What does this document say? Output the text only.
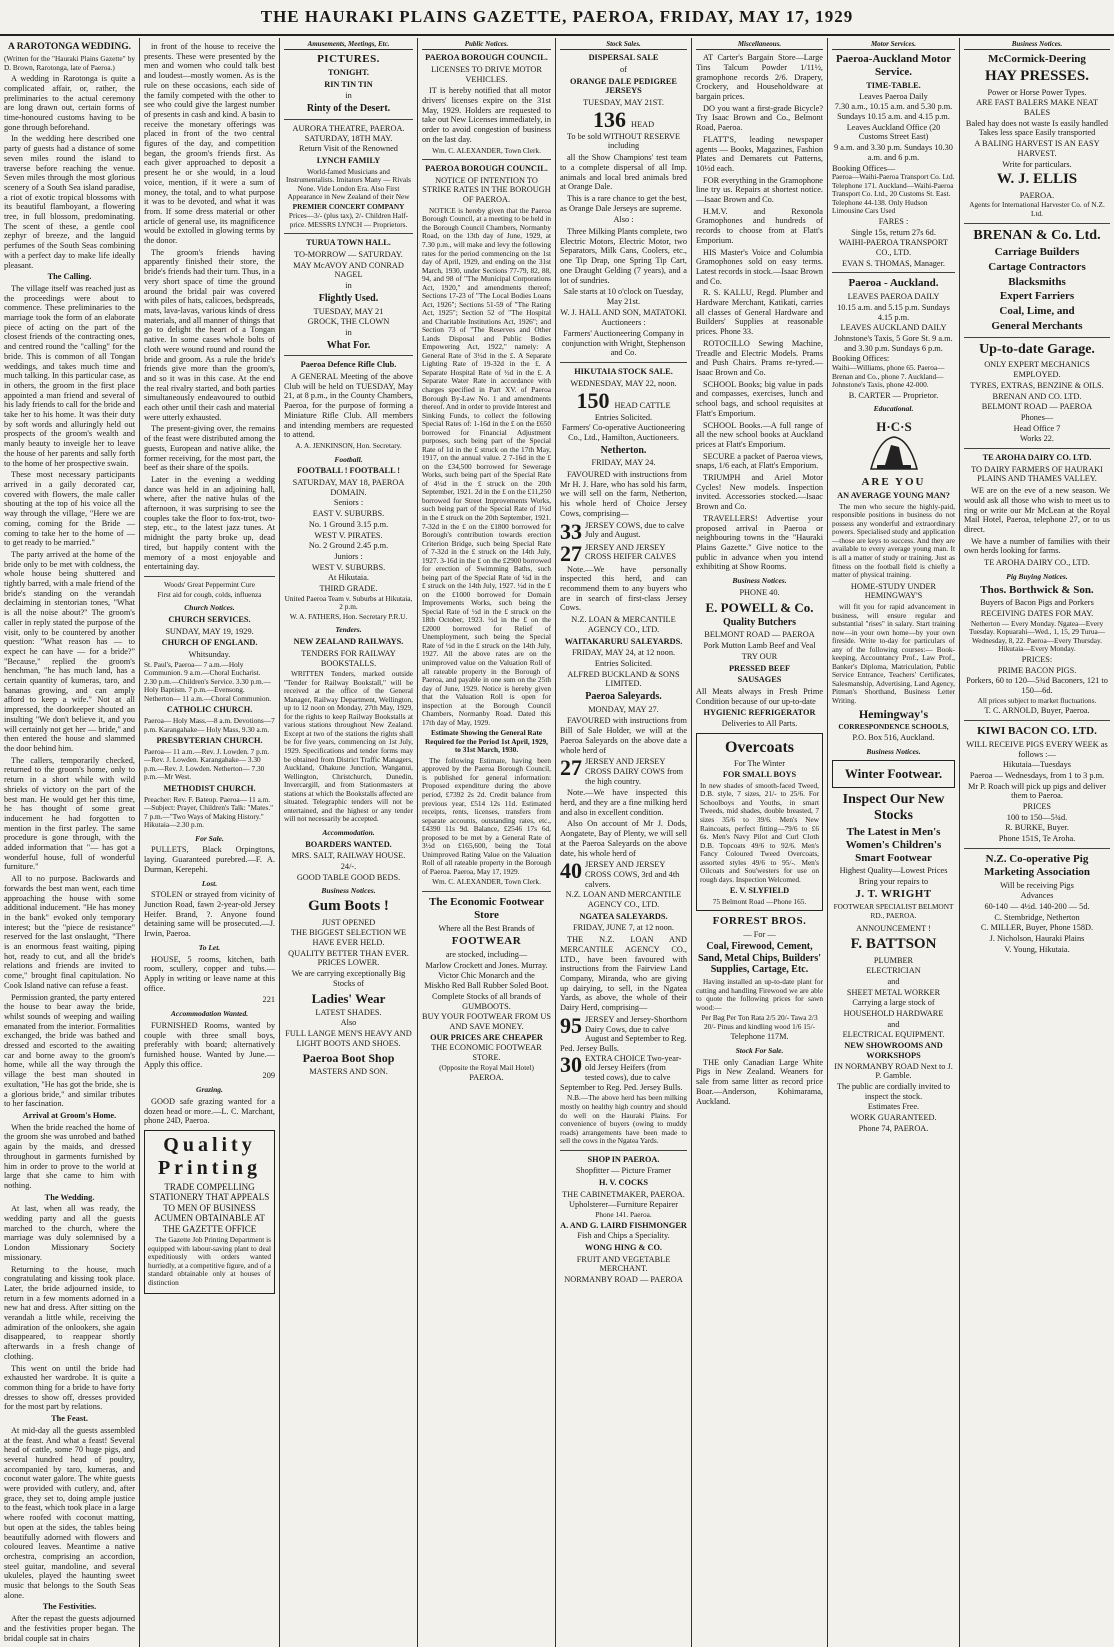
THE HAURAKI PLAINS GAZETTE, PAEROA, FRIDAY, MAY 17, 1929
A RAROTONGA WEDDING.
(Written for the "Hauraki Plains Gazette" by D. Brown, Rarotonga, late of Paeroa.)
A wedding in Rarotonga is quite a complicated affair, or, rather, the preliminaries to the actual ceremony are long drawn out, certain forms of time-honoured customs having to be gone through beforehand.
In the wedding here described one party of guests had a distance of some seven miles round the island to traverse before reaching the venue. Seven miles through the most glorious scenery of a South Sea island paradise, a riot of exotic tropical blossoms with its beautiful flamboyant, a flowering tree, in full blossom, predominating. The scent of these, a gentle cool zephyr of breeze, and the languid perfumes of the South Seas combining with a perfect day to make life ideally pleasant.
The Calling.
The village itself was reached just as the proceedings were about to commence. These preliminaries to the marriage took the form of an elaborate piece of acting on the part of the closest friends of the contracting ones, and centred round the "calling" for the bride. This is common of all Tongan weddings, and takes much time and much talking. In this particular case, as in others, the groom in the first place appointed a man friend and several of his lady friends to call for the bride and take her to his home. It was their duty by soft words and alluringly held out prospects of the groom's wealth and manly beauty to inveigle her to leave the house of her parents and sally forth to the home of her prospective swain.
These most necessary participants arrived in a gaily decorated car, covered with flowers, the male caller shouting at the top of his voice all the way through the village, "Here we are coming, coming for the Bride — coming to take her to the home of — to get ready to be married."
The party arrived at the home of the bride only to be met with coldness, the whole house being shuttered and tightly barred, with a male friend of the bride's standing on the verandah declaiming in stentorian tones, "What is all the noise about?" The groom's caller in reply stated the purpose of the visit, only to be countered by another question: "What reason has — to expect he can have — for a bride?" "Because," replied the groom's henchman, "he has much land, has a certain quantity of kumeras, taro, and bananas growing, and can amply afford to keep a wife." Not at all impressed, the doorkeeper shouted an insulting "We don't believe it, and you will certainly not get her — bride," and then entered the house and slammed the door behind him.
The callers, temporarily checked, returned to the groom's home, only to return in a short while with wild shrieks of victory on the part of the best man. He would get her this time, he has thought of some great inducement he had forgotten to mention in the first parley. The same procedure is gone through, with the added information that "— has got a wonderful house, full of wonderful furniture."
All to no purpose. Backwards and forwards the best man went, each time approaching the house with some additional inducement. "He has money in the bank" evoked only temporary interest; but the "piece de resistance" reserved for the last onslaught, "There is an enormous feast waiting, piping hot, ready to cut, and all the bride's relations and friends are invited to come," brought final capitulation. No Cook Island native can refuse a feast.
Permission granted, the party entered the house to bear away the bride, whilst sounds of weeping and wailing emanated from the interior. Formalities exchanged, the bride was bathed and dressed and escorted to the awaiting car and borne away to the groom's home, while all the way through the village the best man shouted in exultation, "He has got the bride, she is a glorious bride," and similar tributes to her fascination.
Arrival at Groom's Home.
When the bride reached the home of the groom she was unrobed and bathed again by the maids, and dressed throughout in garments furnished by him in order to prove to the world at large that she came to him with nothing.
The Wedding.
At last, when all was ready, the wedding party and all the guests marched to the church, where the marriage was duly solemnised by a London Missionary Society missionary.
Returning to the house, much congratulating and kissing took place. Later, the bride adjourned inside, to return in a few moments adorned in a new hat and dress. After sitting on the verandah a little while, receiving the admiration of the onlookers, she again disappeared, to reappear shortly afterwards in a fresh change of clothing.
This went on until the bride had exhausted her wardrobe. It is quite a common thing for a bride to have forty dresses to show off, dresses provided for the most part by relations.
The Feast.
At mid-day all the guests assembled at the feast. And what a feast! Several head of cattle, some 70 huge pigs, and several hundred head of poultry, accompanied by taro, kumeras, and coconut water galore. The white guests were provided with cutlery, and, after grace, they set to, doing ample justice to the feast, which took place in a large where roofed with coconut matting, but open at the sides, the tables being beautifully adorned with flowers and coloured leaves. Meantime a native orchestra, comprising an accordion, steel guitar, mandoline, and several ukuleles, played the haunting sweet music that belongs to the South Seas alone.
The Festivities.
After the repast the guests adjourned and the festivities proper began. The bridal couple sat in chairs
in front of the house to receive the presents. These were presented by the men and women who could talk best and loudest—mostly women. As is the rule on these occasions, each side of the family competed with the other to see who could give the largest number of presents in cash and kind. A basin to receive the monetary offerings was placed in front of the two central figures of the day, and competition began, the groom's friends first. As each giver approached to deposit a present he or she would, in a loud voice, mention, if it were a sum of money, the total, and to what purpose it was to be devoted, and what it was from. If some dress material or other article of general use, its magnificence would be extolled in glowing terms by the donor.
The groom's friends having apparently finished their store, the bride's friends had their turn. Thus, in a very short space of time the ground around the bridal pair was covered with piles of hats, calicoes, bedspreads, mats, lava-lavas, various kinds of dress materials, and all manner of things that go to delight the heart of a Tongan native. In some cases whole bolts of cloth were wound round and round the bride and groom. As a rule the bride's friends give more than the groom's, and so it was in this case. At the end the real rivalry started, and both parties simultaneously endeavoured to outbid each other until their cash and material were utterly exhausted.
The present-giving over, the remains of the feast were distributed among the guests, European and native alike, the former receiving, for the most part, the beef as their share of the spoils.
Later in the evening a wedding dance was held in an adjoining hall, where, after the native hulas of the afternoon, it was surprising to see the couples take the floor to fox-trot, two-step, etc., to the latest jazz tunes. At midnight the party broke up, dead tired, but happily content with the memory of a most enjoyable and entertaining day.
Woods' Great Peppermint Cure
First aid for cough, colds, influenza
Church Notices.
CHURCH SERVICES.
SUNDAY, MAY 19, 1929.
CHURCH OF ENGLAND.
Whitsunday.
St. Paul's, Paeroa— 7 a.m.—Holy Communion. 9 a.m.—Choral Eucharist. 2.30 p.m.—Children's Service. 3.30 p.m.—Holy Baptism. 7 p.m.—Evensong. Netherton— 11 a.m.—Choral Communion.
CATHOLIC CHURCH.
Paeroa— Holy Mass.—8 a.m. Devotions—7 p.m. Karangahake— Holy Mass, 9.30 a.m.
PRESBYTERIAN CHURCH.
Paeroa— 11 a.m.—Rev. J. Lowden. 7 p.m.—Rev. J. Lowden. Karangahake— 3.30 p.m.—Rev. J. Lowden. Netherton— 7.30 p.m.—Mr West.
METHODIST CHURCH.
Preacher: Rev. F. Bateup. Paeroa— 11 a.m.—Subject: Prayer, Children's Talk: "Mates." 7 p.m.—"Two Ways of Making History." Hikutaia—2.30 p.m.
For Sale.
PULLETS, Black Orpingtons, laying. Guaranteed purebred.—F. A. Durman, Kerepehi.
Lost.
STOLEN or strayed from vicinity of Junction Road, fawn 2-year-old Jersey Heifer. Brand, ?. Anyone found detaining same will be prosecuted.—J. Irwin, Paeroa.
To Let.
HOUSE, 5 rooms, kitchen, bath room, scullery, copper and tubs.—Apply in writing or leave name at this office.
221
Accommodation Wanted.
FURNISHED Rooms, wanted by couple with three small boys, preferably with board; alternatively furnished house. Wanted by June.—Apply this office.
209
Grazing.
GOOD safe grazing wanted for a dozen head or more.—L. C. Marchant, phone 24D, Paeroa.
Quality
Printing
TRADE COMPELLING STATIONERY THAT APPEALS TO MEN OF BUSINESS ACUMEN OBTAINABLE AT THE GAZETTE OFFICE
The Gazette Job Printing Department is equipped with labour-saving plant to deal expeditiously with orders wanted hurriedly, at a competitive figure, and of a standard obtainable only at houses of distinction
Amusements, Meetings, Etc.
PICTURES.
TONIGHT.
RIN TIN TIN
in
Rinty of the Desert.
AURORA THEATRE, PAEROA. SATURDAY, 18TH MAY.
Return Visit of the Renowned
LYNCH FAMILY
World-famed Musicians and Instrumentalists. Imitators Many — Rivals None. Vide London Era. Also First Appearance in New Zealand of their New
PREMIER CONCERT COMPANY
Prices—3/- (plus tax), 2/- Children Half-price. MESSRS LYNCH — Proprietors.
TURUA TOWN HALL.
TO-MORROW — SATURDAY.
MAY McAVOY AND CONRAD NAGEL
in
Flightly Used.
TUESDAY, MAY 21
GROCK, THE CLOWN
in
What For.
Paeroa Defence Rifle Club.
A GENERAL Meeting of the above Club will be held on TUESDAY, May 21, at 8 p.m., in the County Chambers, Paeroa, for the purpose of forming a Miniature Rifle Club. All members and intending members are requested to attend.
A. A. JENKINSON, Hon. Secretary.
Football.
FOOTBALL ! FOOTBALL !
SATURDAY, MAY 18, PAEROA DOMAIN.
Seniors :
EAST V. SUBURBS.
No. 1 Ground 3.15 p.m.
WEST V. PIRATES.
No. 2 Ground 2.45 p.m.
Juniors :
WEST V. SUBURBS.
At Hikutaia.
THIRD GRADE.
United Paeroa Team v. Suburbs at Hikutaia, 2 p.m.
W. A. FATHERS, Hon. Secretary P.R.U.
Tenders.
NEW ZEALAND RAILWAYS.
TENDERS FOR RAILWAY BOOKSTALLS.
WRITTEN Tenders, marked outside "Tender for Railway Bookstall," will be received at the office of the General Manager, Railway Department, Wellington, up to 12 noon on Monday, 27th May, 1929, for the rights to keep Railway Bookstalls at various stations throughout New Zealand. Except at two of the stations the rights shall be for five years, commencing on 1st July, 1929. Specifications and tender forms may be obtained from District Traffic Managers, Auckland, Ohakune Junction, Wanganui, Wellington, Christchurch, Dunedin, Invercargill, and from Stationmasters at stations at which the Bookstalls affected are situated. Telegraphic tenders will not be entertained, and the highest or any tender will not necessarily be accepted.
Accommodation.
BOARDERS WANTED.
MRS. SALT, RAILWAY HOUSE.
24/-.
GOOD TABLE GOOD BEDS.
Business Notices.
Gum Boots !
JUST OPENED
THE BIGGEST SELECTION WE HAVE EVER HELD.
QUALITY BETTER THAN EVER. PRICES LOWER.
We are carrying exceptionally Big Stocks of
Ladies' Wear
LATEST SHADES.
Also
FULL LANGE MEN'S HEAVY AND LIGHT BOOTS AND SHOES.
Paeroa Boot Shop
MASTERS AND SON.
Public Notices.
PAEROA BOROUGH COUNCIL.
LICENSES TO DRIVE MOTOR VEHICLES.
IT is hereby notified that all motor drivers' licenses expire on the 31st May, 1929. Holders are requested to take out New Licenses immediately, in order to avoid congestion of business on the last day.
Wm. C. ALEXANDER, Town Clerk.
PAEROA BOROUGH COUNCIL.
NOTICE OF INTENTION TO STRIKE RATES IN THE BOROUGH OF PAEROA.
NOTICE is hereby given that the Paeroa Borough Council, at a meeting to be held in the Borough Council Chambers, Normanby Road, on the 13th day of June, 1929, at 7.30 p.m., will make and levy the following rates for the period commencing on the 1st day of April, 1929, and ending on the 31st March, 1930, under Sections 77-79, 82, 88, 94, and 98 of "The Municipal Corporations Act, 1920," and amendments thereof; Sections 17-23 of "The Local Bodies Loans Act, 1926"; Sections 51-59 of "The Rating Act, 1925"; Section 52 of "The Hospital and Charitable Institutions Act, 1926"; and Section 73 of "The Reserves and Other Lands Disposal and Public Bodies Empowering Act, 1922," namely: A General Rate of 3½d in the £. A Separate Lighting Rate of 19-32d in the £. A Separate Hospital Rate of ½d in the £. A Separate Water Rate in accordance with charges specified in Part XV. of Paeroa Borough By-Law No. 1 and amendments thereof. And in order to provide Interest and Sinking Funds, to collect the following Special Rates of: 1-16d in the £ on the £650 borrowed for Financial Adjustment purposes, such being part of the Special Rate of 1d in the £ struck on the 17th May, 1917, on the annual value. 2 7-16d in the £ on the £34,500 borrowed for Sewerage Works, such being part of the Special Rate of 4½d in the £ struck on the 20th September, 1921. 2d in the £ on the £11,250 borrowed for Street Improvements Works, such being part of the Special Rate of 1¼d in the £ struck on the 20th September, 1921. 7-32d in the £ on the £1800 borrowed for Borough's contribution towards erection Criterion Bridge, such being Special Rate of 7-32d in the £ struck on the 14th July, 1927. 3-16d in the £ on the £2900 borrowed for erection of Swimming Baths, such being part of the Special Rate of ¼d in the £ struck on the 14th July, 1927. ½d in the £ on the £1000 borrowed for Domain Improvements Works, such being the Special Rate of ½d in the £ struck on the 18th October, 1923. ½d in the £ on the £2000 borrowed for Relief of Unemployment, such being the Special Rate of ½d in the £ struck on the 14th July, 1927. All the above rates are on the unimproved value on the Valuation Roll of all rateable property in the Borough of Paeroa, and payable in one sum on the 25th day of June, 1929. Notice is hereby given that the Valuation Roll is open for inspection at the Borough Council Chambers, Normanby Road. Dated this 17th day of May, 1929.
Estimate Showing the General Rate Required for the Period 1st April, 1929, to 31st March, 1930.
The following Estimate, having been approved by the Paeroa Borough Council, is published for general information: Proposed expenditure during the above period, £7392 2s 2d. Credit balance from previous year, £514 12s 11d. Estimated receipts, rents, licenses, transfers from separate accounts, outstanding rates, etc., £4390 11s 9d. Balance, £2546 17s 6d, proposed to be met by a General Rate of 3½d on £165,600, being the Total Unimproved Rating Value on the Valuation Roll of all rateable property in the Borough of Paeroa. Paeroa, May 17, 1929.
Wm. C. ALEXANDER, Town Clerk.
The Economic Footwear Store
Where all the Best Brands of
FOOTWEAR
are stocked, including—
Marlow Crockett and Jones. Murray. Victor Chic Monarch and the
Miskho Red Ball Rubber Soled Boot.
Complete Stocks of all brands of GUMBOOTS.
BUY YOUR FOOTWEAR FROM US AND SAVE MONEY.
OUR PRICES ARE CHEAPER
THE ECONOMIC FOOTWEAR STORE.
(Opposite the Royal Mail Hotel)
PAEROA.
Stock Sales.
DISPERSAL SALE
of
ORANGE DALE PEDIGREE JERSEYS
TUESDAY, MAY 21ST.
136 HEAD
To be sold WITHOUT RESERVE including
all the Show Champions' test team to a complete dispersal of all Imp. animals and local bred animals bred at Orange Dale.
This is a rare chance to get the best, as Orange Dale Jerseys are supreme.
Also :
Three Milking Plants complete, two Electric Motors, Electric Motor, two Separators, Milk Cans, Coolers, etc., one Tip Drap, one Spring Tip Cart, one Draught Gelding (7 years), and a lot of sundries.
Sale starts at 10 o'clock on Tuesday, May 21st.
W. J. HALL AND SON, MATATOKI.
Auctioneers :
Farmers' Auctioneering Company in conjunction with Wright, Stephenson and Co.
HIKUTAIA STOCK SALE.
WEDNESDAY, MAY 22, noon.
150 HEAD CATTLE
Entries Solicited.
Farmers' Co-operative Auctioneering Co., Ltd., Hamilton, Auctioneers.
Netherton.
FRIDAY, MAY 24.
FAVOURED with instructions from Mr H. J. Hare, who has sold his farm, we will sell on the farm, Netherton, his whole herd of Choice Jersey Cows, comprising—
33 JERSEY COWS, due to calve July and August.
27 JERSEY AND JERSEY CROSS HEIFER CALVES
Note.—We have personally inspected this herd, and can recommend them to any buyers who are in search of first-class Jersey Cows.
N.Z. LOAN & MERCANTILE AGENCY CO., LTD.
WAITAKARURU SALEYARDS.
FRIDAY, MAY 24, at 12 noon.
Entries Solicited.
ALFRED BUCKLAND & SONS LIMITED.
Paeroa Saleyards.
MONDAY, MAY 27.
FAVOURED with instructions from Bill of Sale Holder, we will at the Paeroa Saleyards on the above date a whole herd of
27 JERSEY AND JERSEY CROSS DAIRY COWS from the high country.
Note.—We have inspected this herd, and they are a fine milking herd and also in excellent condition.
Also On account of Mr J. Dods, Aongatete, Bay of Plenty, we will sell at the Paeroa Saleyards on the above date, his whole herd of
40 JERSEY AND JERSEY CROSS COWS, 3rd and 4th calvers.
N.Z. LOAN AND MERCANTILE AGENCY CO., LTD.
NGATEA SALEYARDS.
FRIDAY, JUNE 7, at 12 noon.
THE N.Z. LOAN AND MERCANTILE AGENCY CO., LTD., have been favoured with instructions from the Fairview Land Company, Miranda, who are giving up dairying, to sell, in the Ngatea Yards, as above, the whole of their Dairy Herd, comprising—
95 JERSEY and Jersey-Shorthorn Dairy Cows, due to calve August and September to Reg. Ped. Jersey Bulls.
30 EXTRA CHOICE Two-year-old Jersey Heifers (from tested cows), due to calve September to Reg. Ped. Jersey Bulls.
N.B.—The above herd has been milking mostly on healthy high country and should do well on the Hauraki Plains. For convenience of buyers (owing to muddy roads) arrangements have been made to sell the cows in the Ngatea Yards.
SHOP IN PAEROA.
Shopfitter — Picture Framer
H. V. COCKS
THE CABINETMAKER, PAEROA.
Upholsterer—Furniture Repairer
Phone 141. Paeroa.
A. AND G. LAIRD FISHMONGER
Fish and Chips a Speciality.
WONG HING & CO.
FRUIT AND VEGETABLE MERCHANT.
NORMANBY ROAD — PAEROA
Miscellaneous.
AT Carter's Bargain Store—Large Tins Talcum Powder 1/11½, gramophone records 2/6. Drapery, Crockery, and Householdware at bargain prices.
DO you want a first-grade Bicycle? Try Isaac Brown and Co., Belmont Road, Paeroa.
FLATT'S, leading newspaper agents — Books, Magazines, Fashion Plates and Demarets cut Patterns, 10½d each.
FOR everything in the Gramophone line try us. Repairs at shortest notice.—Isaac Brown and Co.
H.M.V. and Rexonola Gramophones and hundreds of records to choose from at Flatt's Emporium.
HIS Master's Voice and Columbia Gramophones sold on easy terms. Latest records in stock.—Isaac Brown and Co.
R. S. KALLU, Regd. Plumber and Hardware Merchant, Katikati, carries all classes of General Hardware and Builders' Supplies at reasonable prices. Phone 33.
ROTOCILLO Sewing Machine, Treadle and Electric Models. Prams and Push Chairs. Prams re-tyred.—Isaac Brown and Co.
SCHOOL Books; big value in pads and compasses, exercises, lunch and school bags, and school requisites at Flatt's Emporium.
SCHOOL Books.—A full range of all the new school books at Auckland prices at Flatt's Emporium.
SECURE a packet of Paeroa views, snaps, 1/6 each, at Flatt's Emporium.
TRIUMPH and Ariel Motor Cycles! New models. Inspection invited. Accessories stocked.—Isaac Brown and Co.
TRAVELLERS! Advertise your proposed arrival in Paeroa or neighbouring towns in the "Hauraki Plains Gazette." Give notice to the public in advance when you intend exhibiting at Show Rooms.
Business Notices.
PHONE 40.
E. POWELL & Co.
Quality Butchers
BELMONT ROAD — PAEROA
Pork Mutton Lamb Beef and Veal
TRY OUR
PRESSED BEEF
SAUSAGES
All Meats always in Fresh Prime Condition because of our up-to-date
HYGIENIC REFRIGERATOR
Deliveries to All Parts.
Overcoats
For The Winter
FOR SMALL BOYS
In new shades of smooth-faced Tweed, D.B. style, 7 sizes, 21/- to 25/6. For Schoolboys and Youths, in smart Tweeds, mid shades, double breasted, 7 sizes 35/6 to 39/6. Men's New Raincoats, perfect fitting—79/6 to £6 6s. Men's Navy Pilot and Curl Cloth D.B. Topcoats 49/6 to 92/6. Men's Fancy Coloured Tweed Overcoats, assorted styles 49/6 to 95/-. Men's Oilcoats and Sou'westers for use on rough days. Inspection Welcomed.
E. V. SLYFIELD
75 Belmont Road —Phone 165.
FORREST BROS.
— For —
Coal, Firewood, Cement, Sand, Metal Chips, Builders' Supplies, Cartage, Etc.
Having installed an up-to-date plant for cutting and handling Firewood we are able to quote the following prices for sawn wood:—
Per Bag Per Ton Rata 2/5 20/- Tawa 2/3 20/- Pinus and kindling wood 1/6 15/-
Telephone 117M.
Stock For Sale.
THE only Canadian Large White Pigs in New Zealand. Weaners for sale from same litter as record price Boar.—Anderson, Kohimarama, Auckland.
Motor Services.
Paeroa-Auckland Motor Service.
TIME-TABLE.
Leaves Paeroa Daily
7.30 a.m., 10.15 a.m. and 5.30 p.m. Sundays 10.15 a.m. and 4.15 p.m.
Leaves Auckland Office (20 Customs Street East)
9 a.m. and 3.30 p.m. Sundays 10.30 a.m. and 6 p.m.
Booking Offices—
Paeroa—Waihi-Paeroa Transport Co. Ltd. Telephone 171. Auckland—Waihi-Paeroa Transport Co. Ltd., 20 Customs St. East. Telephone 44-138. Only Hudson Limousine Cars Used
FARES :
Single 15s, return 27s 6d.
WAIHI-PAEROA TRANSPORT CO., LTD.
EVAN S. THOMAS, Manager.
Paeroa - Auckland.
LEAVES PAEROA DAILY
10.15 a.m. and 5.15 p.m. Sundays 4.15 p.m.
LEAVES AUCKLAND DAILY
Johnstone's Taxis, 5 Gore St. 9 a.m. and 3.30 p.m. Sundays 6 p.m.
Booking Offices:
Waihi—Williams, phone 65. Paeroa—Brenan and Co., phone 7. Auckland—Johnstone's Taxis, phone 42-000.
B. CARTER — Proprietor.
Educational.
H·C·S
ARE YOU
AN AVERAGE YOUNG MAN?
The men who secure the highly-paid, responsible positions in business do not possess any wonderful and extraordinary powers. Specialised study and application—those are keys to success. And they are available to every average young man. It is all a matter of study or training. Just as fitness on the football field is chiefly a matter of physical training.
HOME-STUDY UNDER HEMINGWAY'S
will fit you for rapid advancement in business, will ensure regular and substantial "rises" in salary. Start training now—in your own home—by your own fireside. Write to-day for particulars of any of the following courses:— Book-keeping, Accountancy Prof., Law Prof., Banker's Diploma, Matriculation, Public Service Entrance, Teachers' Certificates, Salesmanship, Advertising, Land Agency, Pitman's Shorthand, Business Letter Writing.
Hemingway's
CORRESPONDENCE SCHOOLS,
P.O. Box 516, Auckland.
Business Notices.
Winter Footwear.
Inspect Our New Stocks
The Latest in Men's Women's Children's Smart Footwear
Highest Quality—Lowest Prices
Bring your repairs to
J. T. WRIGHT
FOOTWEAR SPECIALIST BELMONT RD., PAEROA.
ANNOUNCEMENT !
F. BATTSON
PLUMBER
ELECTRICIAN
and
SHEET METAL WORKER
Carrying a large stock of
HOUSEHOLD HARDWARE
and
ELECTRICAL EQUIPMENT.
NEW SHOWROOMS AND WORKSHOPS
IN NORMANBY ROAD Next to J. P. Gamble.
The public are cordially invited to inspect the stock.
Estimates Free.
WORK GUARANTEED.
Phone 74, PAEROA.
Business Notices.
McCormick-Deering
HAY PRESSES.
Power or Horse Power Types.
ARE FAST BALERS MAKE NEAT BALES
Baled hay does not waste Is easily handled Takes less space Easily transported
A BALING HARVEST IS AN EASY HARVEST.
Write for particulars.
W. J. ELLIS
PAEROA.
Agents for International Harvester Co. of N.Z. Ltd.
BRENAN & Co. Ltd.
Carriage Builders
Cartage Contractors
Blacksmiths
Expert Farriers
Coal, Lime, and
General Merchants
Up-to-date Garage.
ONLY EXPERT MECHANICS EMPLOYED.
TYRES, EXTRAS, BENZINE & OILS.
BRENAN AND CO. LTD.
BELMONT ROAD — PAEROA
Phones—
Head Office 7
Works 22.
TE AROHA DAIRY CO. LTD.
TO DAIRY FARMERS OF HAURAKI PLAINS AND THAMES VALLEY.
WE are on the eve of a new season. We would ask all those who wish to meet us to ring or write our Mr McLean at the Royal Mail Hotel, Paeroa, telephone 27, or to us direct.
We have a number of families with their own herds looking for farms.
TE AROHA DAIRY CO., LTD.
Pig Buying Notices.
Thos. Borthwick & Son.
Buyers of Bacon Pigs and Porkers
RECEIVING DATES FOR MAY.
Netherton — Every Monday. Ngatea—Every Tuesday. Kopuarahi—Wed., 1, 15, 29 Turua—Wednesday, 8, 22. Paeroa—Every Thursday. Hikutaia—Every Monday.
PRICES:
PRIME BACON PIGS.
Porkers, 60 to 120—5¾d Baconers, 121 to 150—6d.
All prices subject to market fluctuations.
T. C. ARNOLD, Buyer, Paeroa.
KIWI BACON CO. LTD.
WILL RECEIVE PIGS EVERY WEEK as follows :—
Hikutaia—Tuesdays
Paeroa — Wednesdays, from 1 to 3 p.m.
Mr P. Roach will pick up pigs and deliver them to Paeroa.
PRICES
100 to 150—5¾d.
R. BURKE, Buyer.
Phone 151S, Te Aroha.
N.Z. Co-operative Pig Marketing Association
Will be receiving Pigs
Advances
60-140 — 4½d. 140-200 — 5d.
C. Stembridge, Netherton
C. MILLER, Buyer, Phone 158D.
J. Nicholson, Hauraki Plains
V. Young, Hikutaia.
